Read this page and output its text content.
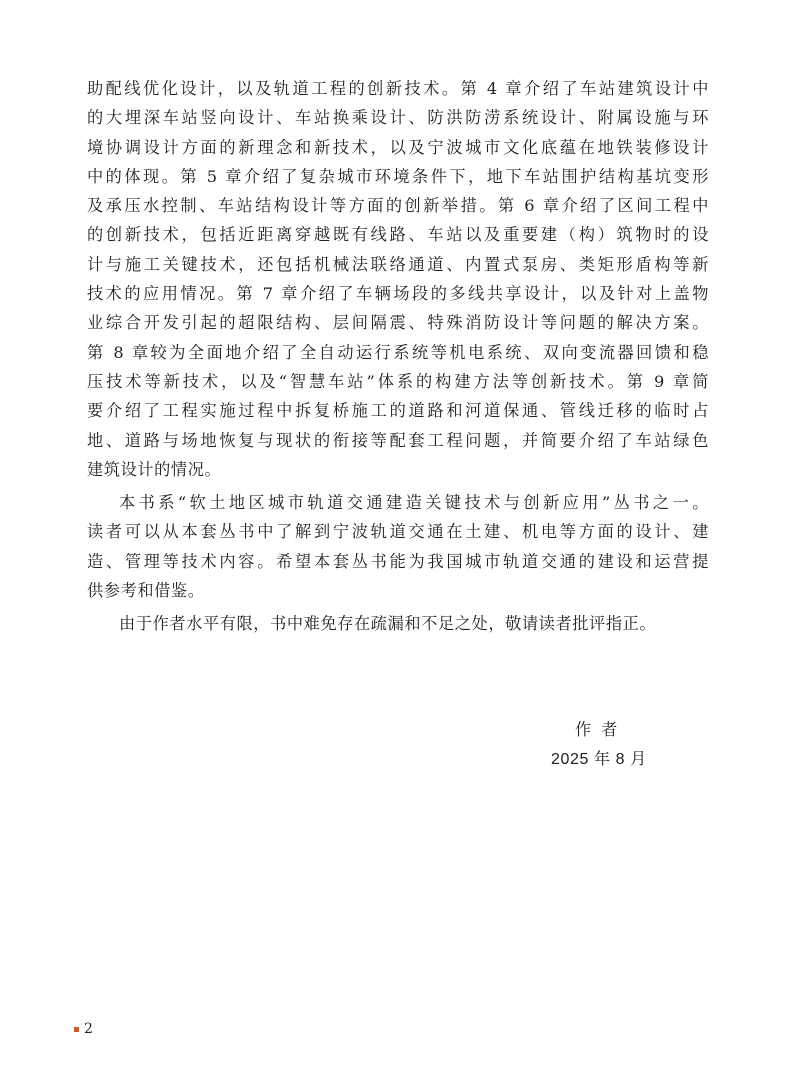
助配线优化设计，以及轨道工程的创新技术。第 4 章介绍了车站建筑设计中
的大埋深车站竖向设计、车站换乘设计、防洪防涝系统设计、附属设施与环
境协调设计方面的新理念和新技术，以及宁波城市文化底蕴在地铁装修设计
中的体现。第 5 章介绍了复杂城市环境条件下，地下车站围护结构基坑变形
及承压水控制、车站结构设计等方面的创新举措。第 6 章介绍了区间工程中
的创新技术，包括近距离穿越既有线路、车站以及重要建（构）筑物时的设
计与施工关键技术，还包括机械法联络通道、内置式泵房、类矩形盾构等新
技术的应用情况。第 7 章介绍了车辆场段的多线共享设计，以及针对上盖物
业综合开发引起的超限结构、层间隔震、特殊消防设计等问题的解决方案。
第 8 章较为全面地介绍了全自动运行系统等机电系统、双向变流器回馈和稳
压技术等新技术，以及“智慧车站”体系的构建方法等创新技术。第 9 章简
要介绍了工程实施过程中拆复桥施工的道路和河道保通、管线迁移的临时占
地、道路与场地恢复与现状的衔接等配套工程问题，并简要介绍了车站绿色
建筑设计的情况。

本书系“软土地区城市轨道交通建造关键技术与创新应用”丛书之一。
读者可以从本套丛书中了解到宁波轨道交通在土建、机电等方面的设计、建
造、管理等技术内容。希望本套丛书能为我国城市轨道交通的建设和运营提
供参考和借鉴。

由于作者水平有限，书中难免存在疏漏和不足之处，敬请读者批评指正。

作者
2025 年 8 月
2
